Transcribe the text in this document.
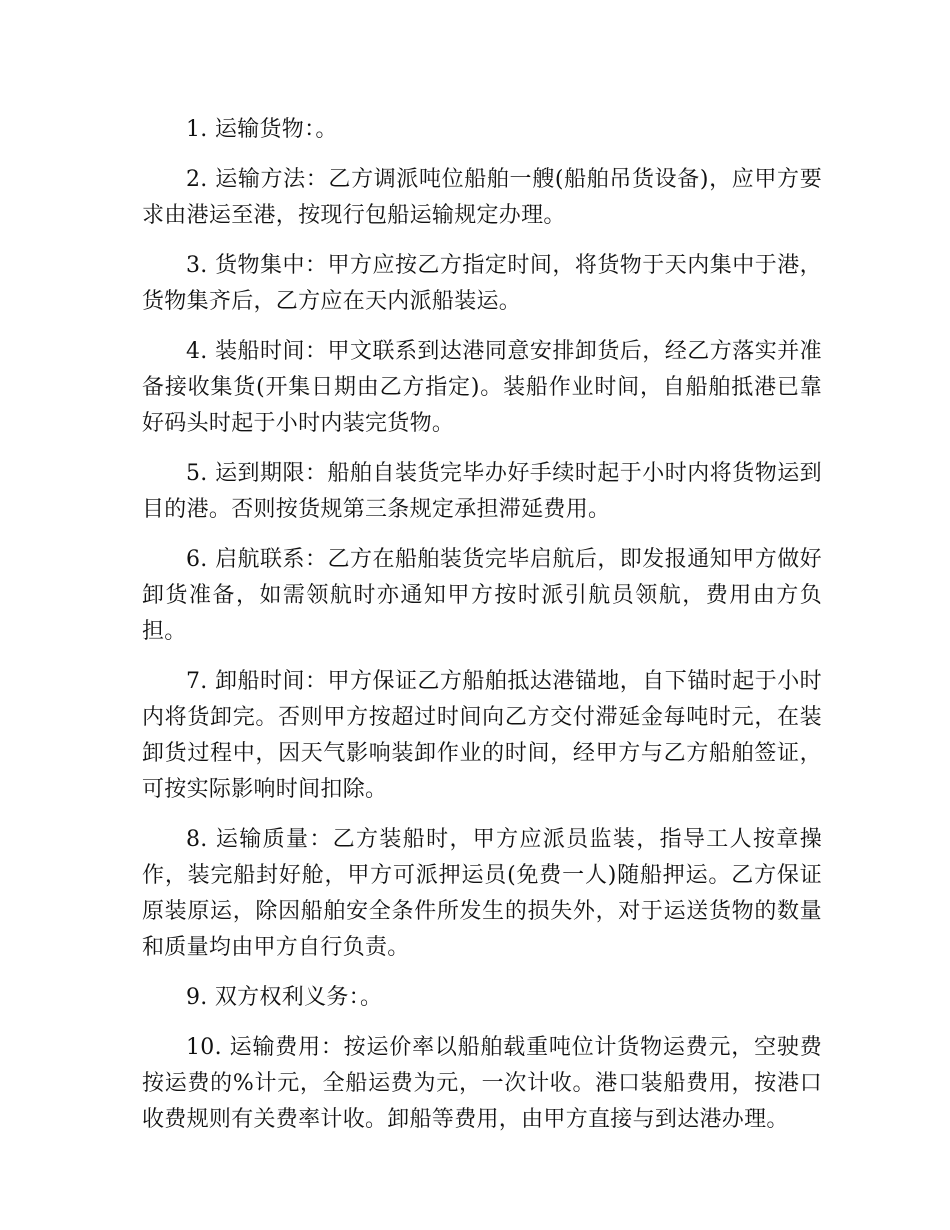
1. 运输货物：。

2. 运输方法：乙方调派吨位船舶一艘(船舶吊货设备)，应甲方要求由港运至港，按现行包船运输规定办理。

3. 货物集中：甲方应按乙方指定时间，将货物于天内集中于港，货物集齐后，乙方应在天内派船装运。

4. 装船时间：甲文联系到达港同意安排卸货后，经乙方落实并准备接收集货(开集日期由乙方指定)。装船作业时间，自船舶抵港已靠好码头时起于小时内装完货物。

5. 运到期限：船舶自装货完毕办好手续时起于小时内将货物运到目的港。否则按货规第三条规定承担滞延费用。

6. 启航联系：乙方在船舶装货完毕启航后，即发报通知甲方做好卸货准备，如需领航时亦通知甲方按时派引航员领航，费用由方负担。

7. 卸船时间：甲方保证乙方船舶抵达港锚地，自下锚时起于小时内将货卸完。否则甲方按超过时间向乙方交付滞延金每吨时元，在装卸货过程中，因天气影响装卸作业的时间，经甲方与乙方船舶签证，可按实际影响时间扣除。

8. 运输质量：乙方装船时，甲方应派员监装，指导工人按章操作，装完船封好舱，甲方可派押运员(免费一人)随船押运。乙方保证原装原运，除因船舶安全条件所发生的损失外，对于运送货物的数量和质量均由甲方自行负责。

9. 双方权利义务：。

10. 运输费用：按运价率以船舶载重吨位计货物运费元，空驶费按运费的%计元，全船运费为元，一次计收。港口装船费用，按港口收费规则有关费率计收。卸船等费用，由甲方直接与到达港办理。
